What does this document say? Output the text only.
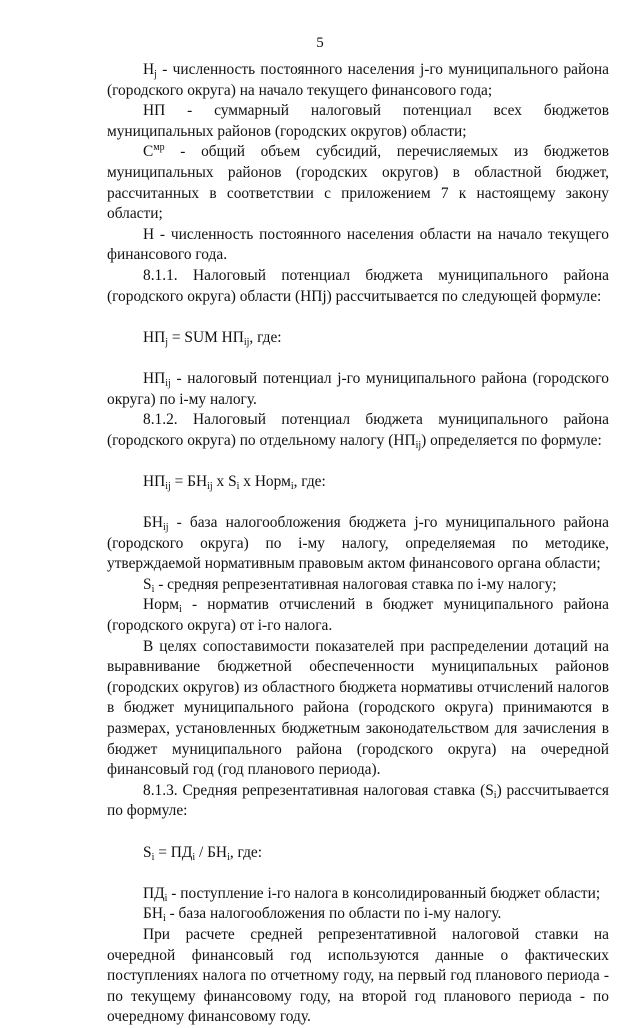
5

Hj - численность постоянного населения j-го муниципального района (городского округа) на начало текущего финансового года;

НП - суммарный налоговый потенциал всех бюджетов муниципальных районов (городских округов) области;

$С^{мр}$ - общий объем субсидий, перечисляемых из бюджетов муниципальных районов (городских округов) в областной бюджет, рассчитанных в соответствии с приложением 7 к настоящему закону области;

Н - численность постоянного населения области на начало текущего финансового года.

8.1.1. Налоговый потенциал бюджета муниципального района (городского округа) области (НПj) рассчитывается по следующей формуле:

НПj = SUM НПij, где:

НПij - налоговый потенциал j-го муниципального района (городского округа) по i-му налогу.

8.1.2. Налоговый потенциал бюджета муниципального района (городского округа) по отдельному налогу (НПij) определяется по формуле:

НПij = БНij x Si x Нормi, где:

БНij - база налогообложения бюджета j-го муниципального района (городского округа) по i-му налогу, определяемая по методике, утверждаемой нормативным правовым актом финансового органа области;

Si - средняя репрезентативная налоговая ставка по i-му налогу;

Нормi - норматив отчислений в бюджет муниципального района (городского округа) от i-го налога.

В целях сопоставимости показателей при распределении дотаций на выравнивание бюджетной обеспеченности муниципальных районов (городских округов) из областного бюджета нормативы отчислений налогов в бюджет муниципального района (городского округа) принимаются в размерах, установленных бюджетным законодательством для зачисления в бюджет муниципального района (городского округа) на очередной финансовый год (год планового периода).

8.1.3. Средняя репрезентативная налоговая ставка (Si) рассчитывается по формуле:

Si = ПДi / БНi, где:

ПДi - поступление i-го налога в консолидированный бюджет области;

БНi - база налогообложения по области по i-му налогу.

При расчете средней репрезентативной налоговой ставки на очередной финансовый год используются данные о фактических поступлениях налога по отчетному году, на первый год планового периода - по текущему финансовому году, на второй год планового периода - по очередному финансовому году.
